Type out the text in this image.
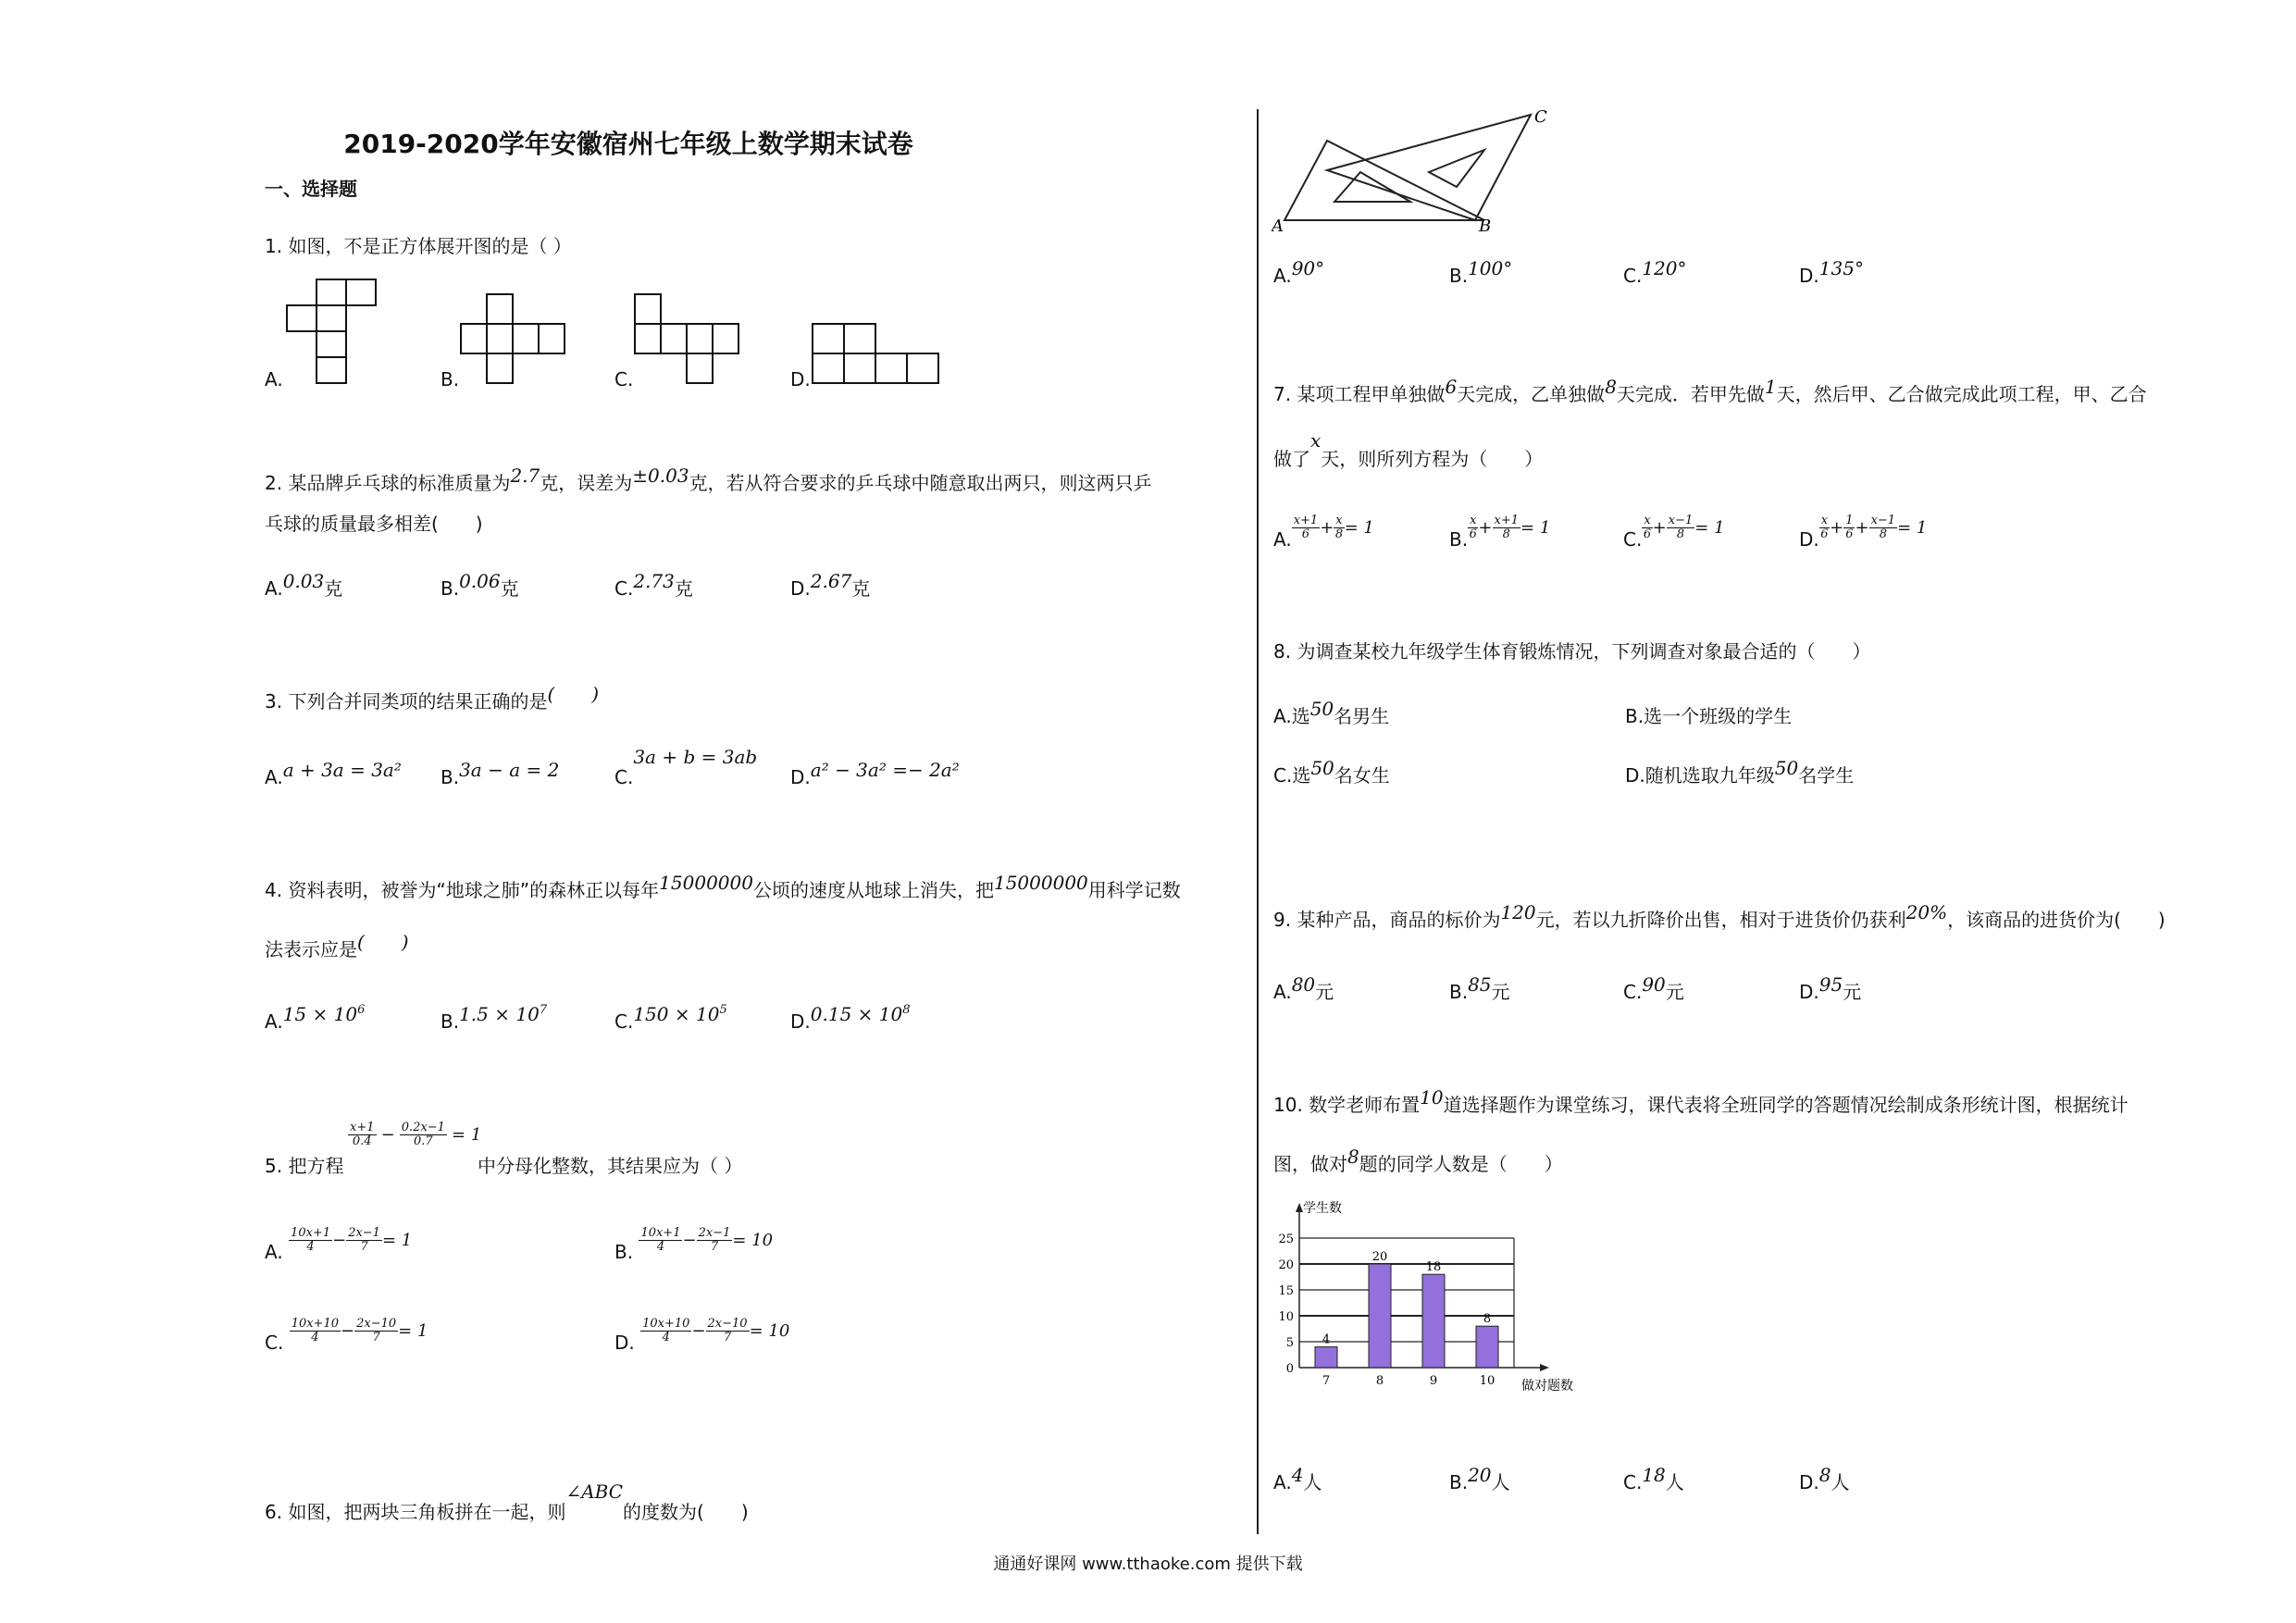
2019-2020学年安徽宿州七年级上数学期末试卷
一、选择题
1. 如图，不是正方体展开图的是（ ）
A.	B.	C.	D.
2. 某品牌乒乓球的标准质量为2.7克，误差为±0.03克，若从符合要求的乒乓球中随意取出两只，则这两只乒
乓球的质量最多相差(　　)
A.0.03克	B.0.06克	C.2.73克	D.2.67克
3. 下列合并同类项的结果正确的是(　　)
A.a + 3a = 3a² B.3a − a = 2	C.3a + b = 3ab
D.a² − 3a² =− 2a²
4. 资料表明，被誉为“地球之肺”的森林正以每年15000000公顷的速度从地球上消失，把15000000用科学记数
法表示应是(　　)
$A.15 \times 10^6$
$B.1.5 \times 10^7$
$C.150 \times 10^5$
$D.0.15 \times 10^8$
5. 把方程
$\frac{x+1}{0.4} - \frac{0.2x-1}{0.7} = 1$
中分母化整数，其结果应为（ ）
A. $\frac{10x+1}{4} - \frac{2x-1}{7} = 1$
B. $\frac{10x+1}{4} - \frac{2x-1}{7} = 10$
C. $\frac{10x+10}{4} - \frac{2x-10}{7} = 1$
D. $\frac{10x+10}{4} - \frac{2x-10}{7} = 10$
6. 如图，把两块三角板拼在一起，则∠ABC的度数为(　　)
A	B
C
A.90°	B.100°	C.120°	D.135°
7. 某项工程甲单独做6天完成，乙单独做8天完成．若甲先做1天，然后甲、乙合做完成此项工程，甲、乙合
做了x天，则所列方程为（　　）
A. $\frac{x+1}{6} + \frac{x}{8} = 1$
B. $\frac{x}{6} + \frac{x+1}{8} = 1$
C. $\frac{x}{6} + \frac{x-1}{8} = 1$
D. $\frac{x}{6} + \frac{1}{6} + \frac{x-1}{8} = 1$
8. 为调查某校九年级学生体育锻炼情况，下列调查对象最合适的（　　）
A.选50名男生	B.选一个班级的学生
C.选50名女生	D.随机选取九年级50名学生
9. 某种产品，商品的标价为120元，若以九折降价出售，相对于进货价仍获利20%，该商品的进货价为(　　)
A.80元	B.85元	C.90元	D.95元
10. 数学老师布置10道选择题作为课堂练习，课代表将全班同学的答题情况绘制成条形统计图，根据统计
图，做对8题的同学人数是（　　）
0
5
10
15
20
25
学生数
做对题数
4
7
20
8
18
9
8
10
A.4人	B.20人	C.18人	D.8人
通通好课网 www.tthaoke.com 提供下载
